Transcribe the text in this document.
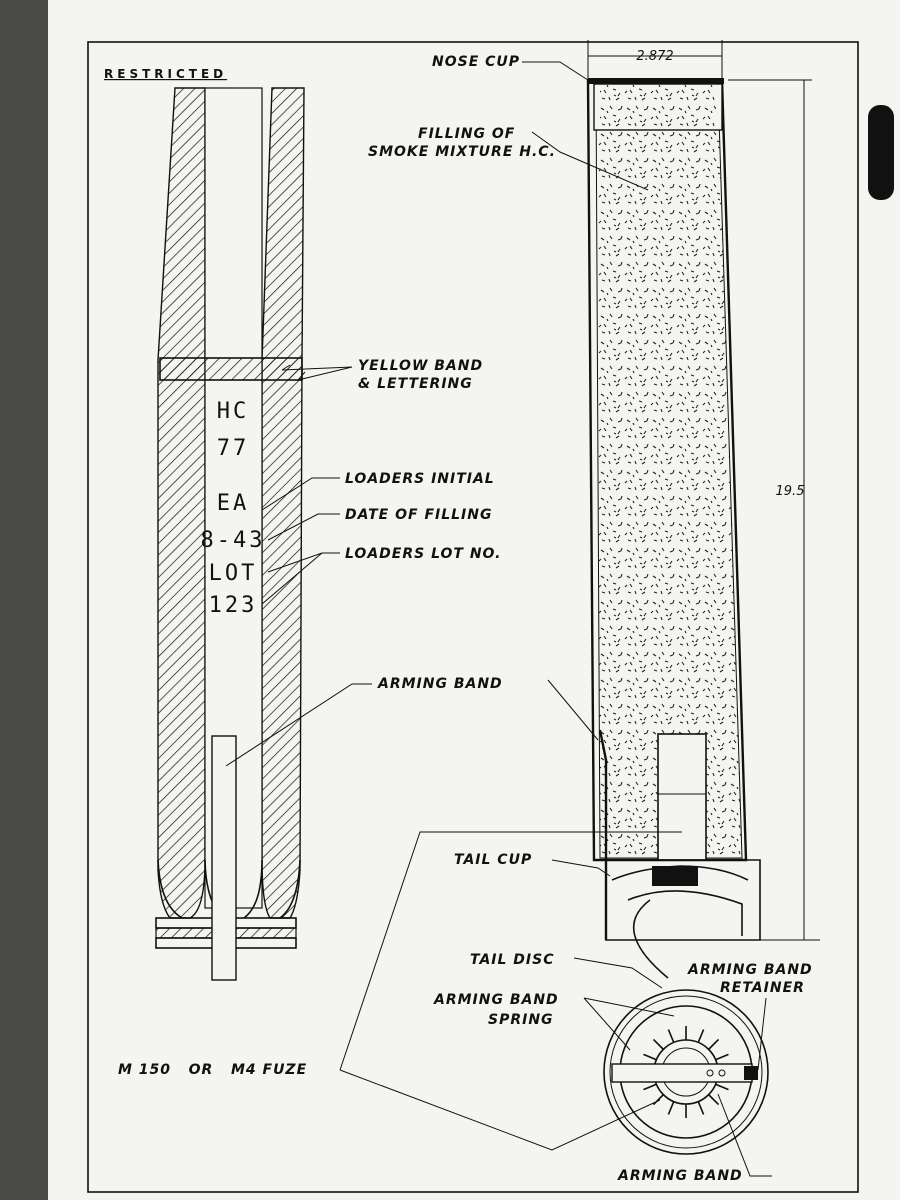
RESTRICTED
HC
77
EA
8-43
LOT
123
YELLOW BAND
& LETTERING
LOADERS INITIAL
DATE OF FILLING
LOADERS LOT NO.
ARMING BAND
2.872
19.5
NOSE CUP
FILLING OF
SMOKE MIXTURE H.C.
TAIL CUP
TAIL DISC
ARMING BAND
SPRING
ARMING BAND
RETAINER
M 150   OR   M4 FUZE
ARMING BAND
